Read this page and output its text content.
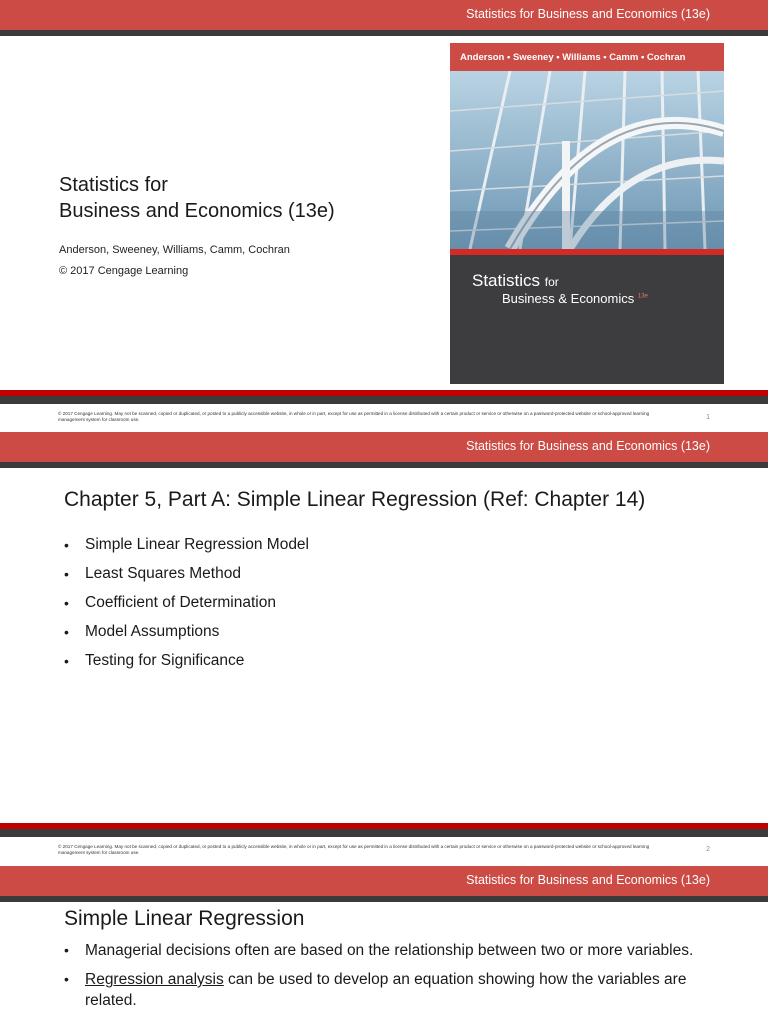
Statistics for Business and Economics (13e)
Statistics for
Business and Economics (13e)
Anderson, Sweeney, Williams, Camm, Cochran
© 2017 Cengage Learning
Anderson • Sweeney • Williams • Camm • Cochran
Statistics for
Business & Economics $^{13e}$
© 2017 Cengage Learning. May not be scanned, copied or duplicated, or posted to a publicly accessible website, in whole or in part, except for use as permitted in a license distributed with a certain product or service or otherwise on a password-protected website or school-approved learning management system for classroom use.	1
Statistics for Business and Economics (13e)
Chapter 5, Part A: Simple Linear Regression (Ref: Chapter 14)
• Simple Linear Regression Model
• Least Squares Method
• Coefficient of Determination
• Model Assumptions
• Testing for Significance
© 2017 Cengage Learning. May not be scanned, copied or duplicated, or posted to a publicly accessible website, in whole or in part, except for use as permitted in a license distributed with a certain product or service or otherwise on a password-protected website or school-approved learning management system for classroom use.	2
Statistics for Business and Economics (13e)
Simple Linear Regression
• Managerial decisions often are based on the relationship between two or more variables.
• Regression analysis can be used to develop an equation showing how the variables are related.
